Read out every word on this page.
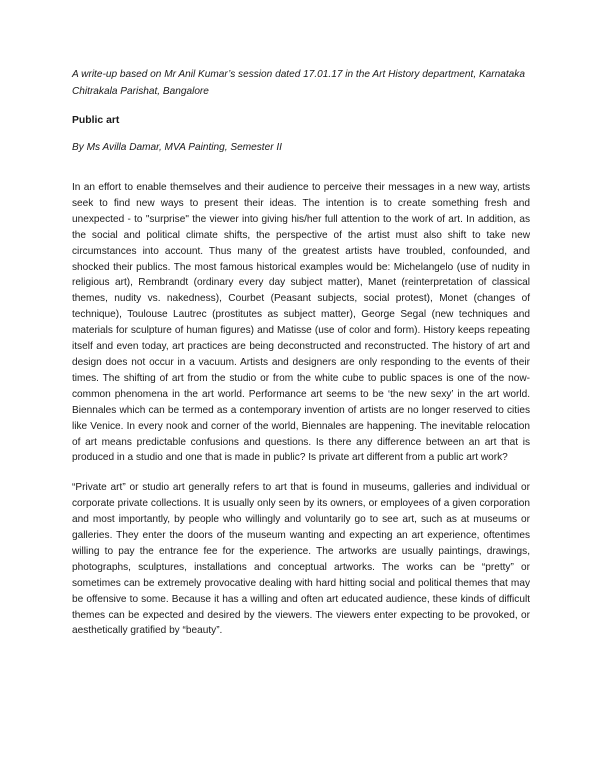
A write-up based on Mr Anil Kumar’s session dated 17.01.17 in the Art History department, Karnataka Chitrakala Parishat, Bangalore

Public art

By Ms Avilla Damar, MVA Painting, Semester II

In an effort to enable themselves and their audience to perceive their messages in a new way, artists seek to find new ways to present their ideas. The intention is to create something fresh and unexpected - to "surprise" the viewer into giving his/her full attention to the work of art. In addition, as the social and political climate shifts, the perspective of the artist must also shift to take new circumstances into account. Thus many of the greatest artists have troubled, confounded, and shocked their publics. The most famous historical examples would be: Michelangelo (use of nudity in religious art), Rembrandt (ordinary every day subject matter), Manet (reinterpretation of classical themes, nudity vs. nakedness), Courbet (Peasant subjects, social protest), Monet (changes of technique), Toulouse Lautrec (prostitutes as subject matter), George Segal (new techniques and materials for sculpture of human figures) and Matisse (use of color and form). History keeps repeating itself and even today, art practices are being deconstructed and reconstructed. The history of art and design does not occur in a vacuum. Artists and designers are only responding to the events of their times. The shifting of art from the studio or from the white cube to public spaces is one of the now-common phenomena in the art world. Performance art seems to be ‘the new sexy’ in the art world. Biennales which can be termed as a contemporary invention of artists are no longer reserved to cities like Venice. In every nook and corner of the world, Biennales are happening. The inevitable relocation of art means predictable confusions and questions. Is there any difference between an art that is produced in a studio and one that is made in public? Is private art different from a public art work?

“Private art” or studio art generally refers to art that is found in museums, galleries and individual or corporate private collections. It is usually only seen by its owners, or employees of a given corporation and most importantly, by people who willingly and voluntarily go to see art, such as at museums or galleries. They enter the doors of the museum wanting and expecting an art experience, oftentimes willing to pay the entrance fee for the experience. The artworks are usually paintings, drawings, photographs, sculptures, installations and conceptual artworks. The works can be “pretty” or sometimes can be extremely provocative dealing with hard hitting social and political themes that may be offensive to some. Because it has a willing and often art educated audience, these kinds of difficult themes can be expected and desired by the viewers. The viewers enter expecting to be provoked, or aesthetically gratified by “beauty”.
